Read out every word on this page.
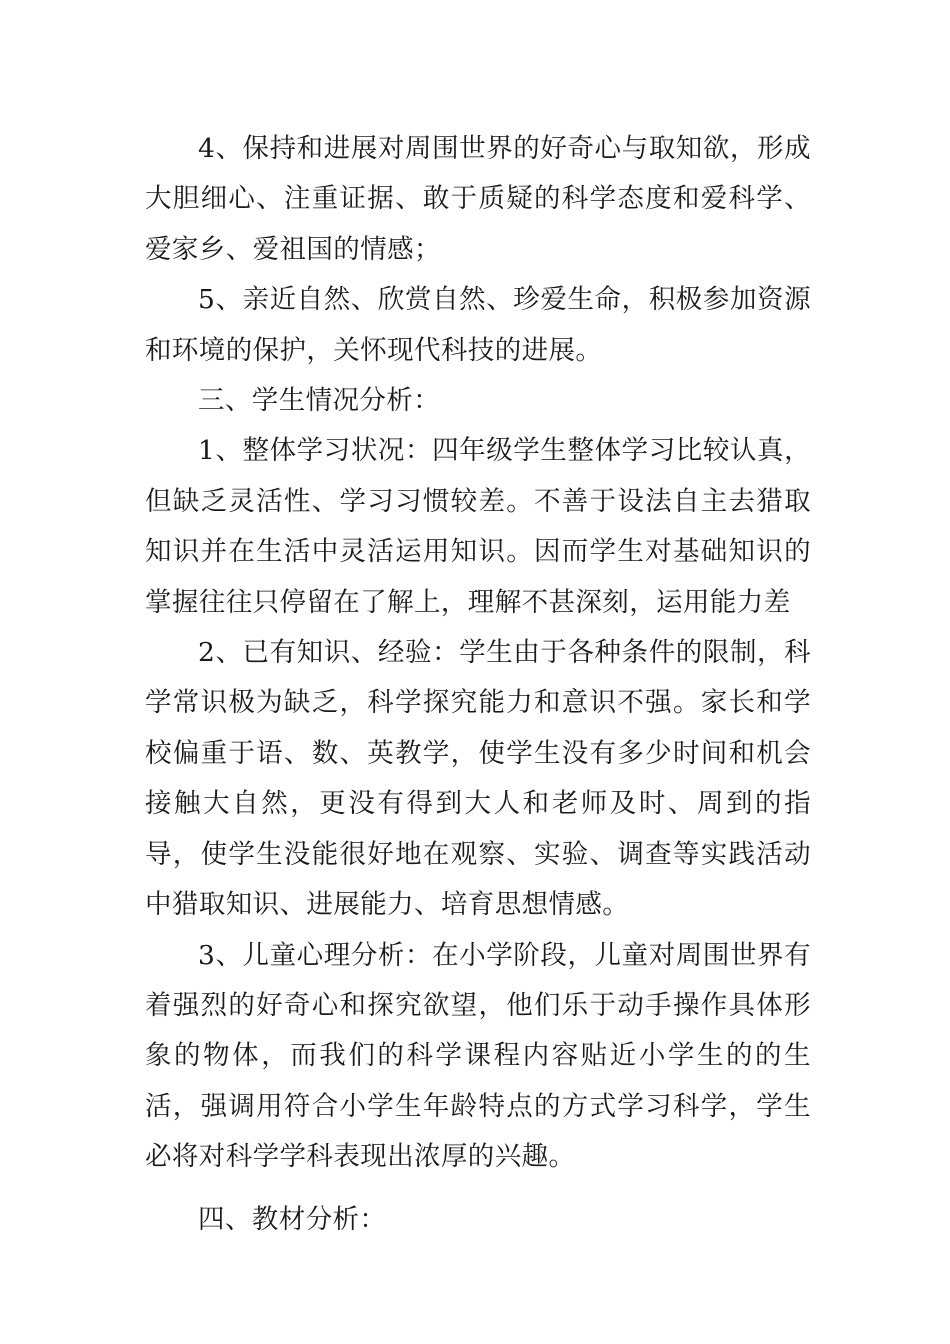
4、保持和进展对周围世界的好奇心与取知欲，形成大胆细心、注重证据、敢于质疑的科学态度和爱科学、爱家乡、爱祖国的情感；

5、亲近自然、欣赏自然、珍爱生命，积极参加资源和环境的保护，关怀现代科技的进展。

三、学生情况分析：

1、整体学习状况：四年级学生整体学习比较认真，但缺乏灵活性、学习习惯较差。不善于设法自主去猎取知识并在生活中灵活运用知识。因而学生对基础知识的掌握往往只停留在了解上，理解不甚深刻，运用能力差

2、已有知识、经验：学生由于各种条件的限制，科学常识极为缺乏，科学探究能力和意识不强。家长和学校偏重于语、数、英教学，使学生没有多少时间和机会接触大自然，更没有得到大人和老师及时、周到的指导，使学生没能很好地在观察、实验、调查等实践活动中猎取知识、进展能力、培育思想情感。

3、儿童心理分析：在小学阶段，儿童对周围世界有着强烈的好奇心和探究欲望，他们乐于动手操作具体形象的物体，而我们的科学课程内容贴近小学生的的生活，强调用符合小学生年龄特点的方式学习科学，学生必将对科学学科表现出浓厚的兴趣。

四、教材分析：
